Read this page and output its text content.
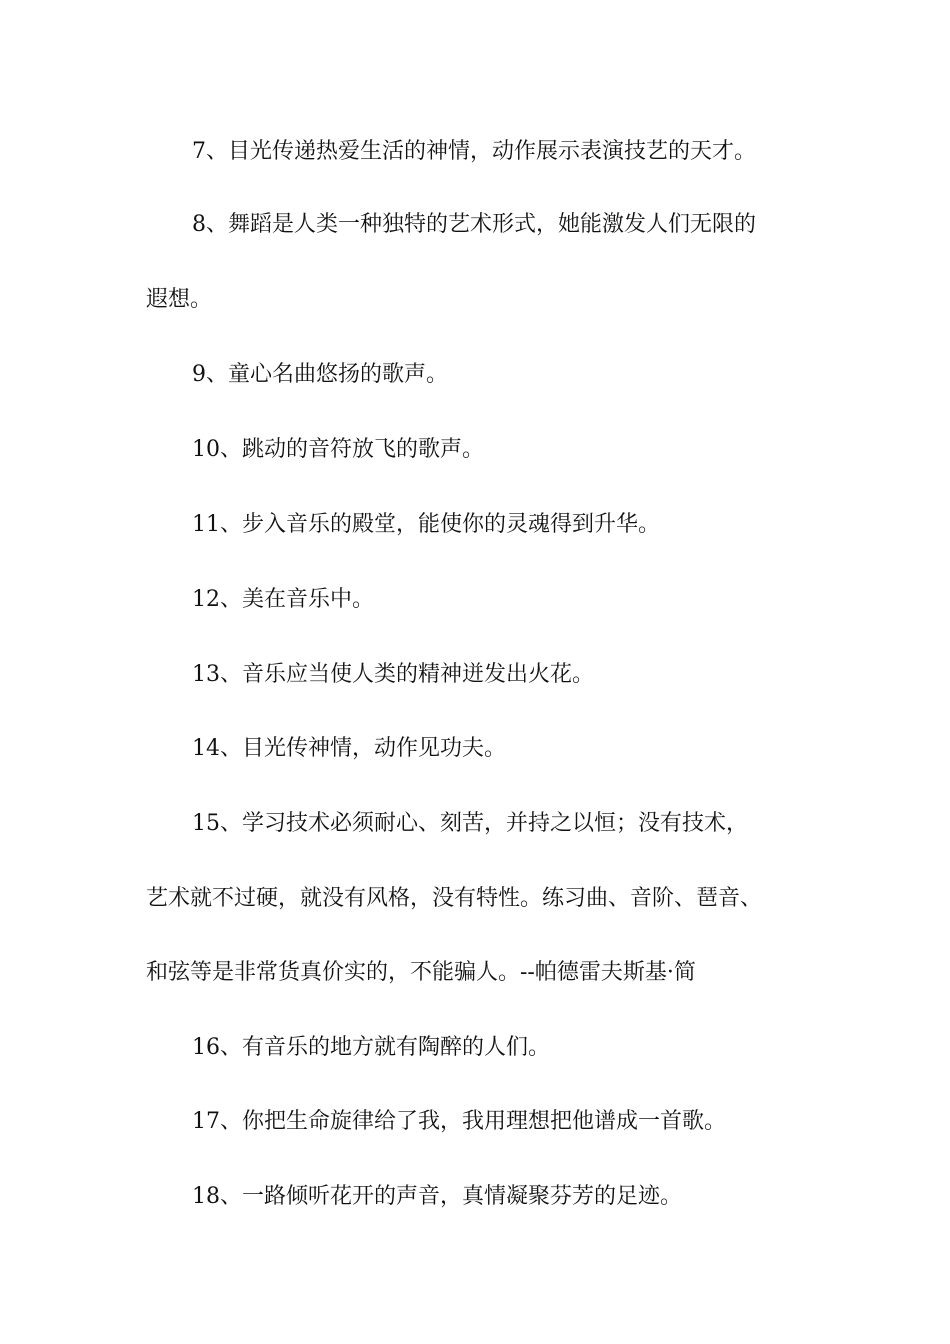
7、目光传递热爱生活的神情，动作展示表演技艺的天才。
8、舞蹈是人类一种独特的艺术形式，她能激发人们无限的
遐想。
9、童心名曲悠扬的歌声。
10、跳动的音符放飞的歌声。
11、步入音乐的殿堂，能使你的灵魂得到升华。
12、美在音乐中。
13、音乐应当使人类的精神迸发出火花。
14、目光传神情，动作见功夫。
15、学习技术必须耐心、刻苦，并持之以恒；没有技术，
艺术就不过硬，就没有风格，没有特性。练习曲、音阶、琶音、
和弦等是非常货真价实的，不能骗人。--帕德雷夫斯基·简
16、有音乐的地方就有陶醉的人们。
17、你把生命旋律给了我，我用理想把他谱成一首歌。
18、一路倾听花开的声音，真情凝聚芬芳的足迹。
